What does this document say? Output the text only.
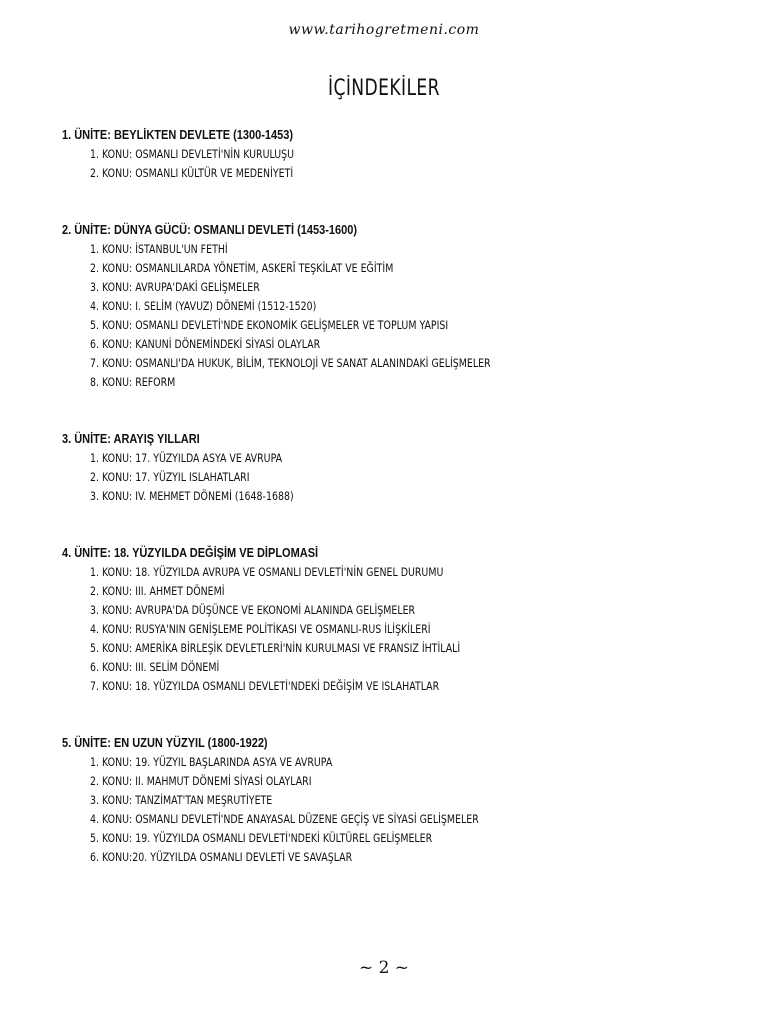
www.tarihogretmeni.com
İÇİNDEKİLER
1. ÜNİTE: BEYLİKTEN DEVLETE (1300-1453)
1. KONU: OSMANLI DEVLETİ'NİN KURULUŞU
2. KONU: OSMANLI KÜLTÜR VE MEDENİYETİ
2. ÜNİTE: DÜNYA GÜCÜ: OSMANLI DEVLETİ (1453-1600)
1. KONU: İSTANBUL'UN FETHİ
2. KONU: OSMANLILARDA YÖNETİM, ASKERÎ TEŞKİLAT VE EĞİTİM
3. KONU: AVRUPA'DAKİ GELİŞMELER
4. KONU: I. SELİM (YAVUZ) DÖNEMİ (1512-1520)
5. KONU: OSMANLI DEVLETİ'NDE EKONOMİK GELİŞMELER VE TOPLUM YAPISI
6. KONU: KANUNİ DÖNEMİNDEKİ SİYASİ OLAYLAR
7. KONU: OSMANLI'DA HUKUK, BİLİM, TEKNOLOJİ VE SANAT ALANINDAKİ GELİŞMELER
8. KONU: REFORM
3. ÜNİTE: ARAYIŞ YILLARI
1. KONU: 17. YÜZYILDA ASYA VE AVRUPA
2. KONU: 17. YÜZYIL ISLAHATLARI
3. KONU: IV. MEHMET DÖNEMİ (1648-1688)
4. ÜNİTE: 18. YÜZYILDA DEĞİŞİM VE DİPLOMASİ
1. KONU: 18. YÜZYILDA AVRUPA VE OSMANLI DEVLETİ'NİN GENEL DURUMU
2. KONU: III. AHMET DÖNEMİ
3. KONU: AVRUPA'DA DÜŞÜNCE VE EKONOMİ ALANINDA GELİŞMELER
4. KONU: RUSYA'NIN GENİŞLEME POLİTİKASI VE OSMANLI-RUS İLİŞKİLERİ
5. KONU: AMERİKA BİRLEŞİK DEVLETLERİ'NİN KURULMASI VE FRANSIZ İHTİLALİ
6. KONU: III. SELİM DÖNEMİ
7. KONU: 18. YÜZYILDA OSMANLI DEVLETİ'NDEKİ DEĞİŞİM VE ISLAHATLAR
5. ÜNİTE: EN UZUN YÜZYIL (1800-1922)
1. KONU: 19. YÜZYIL BAŞLARINDA ASYA VE AVRUPA
2. KONU: II. MAHMUT DÖNEMİ SİYASİ OLAYLARI
3. KONU: TANZİMAT'TAN MEŞRUTİYETE
4. KONU: OSMANLI DEVLETİ'NDE ANAYASAL DÜZENE GEÇİŞ VE SİYASİ GELİŞMELER
5. KONU: 19. YÜZYILDA OSMANLI DEVLETİ'NDEKİ KÜLTÜREL GELİŞMELER
6. KONU:20. YÜZYILDA OSMANLI DEVLETİ VE SAVAŞLAR
~ 2 ~
